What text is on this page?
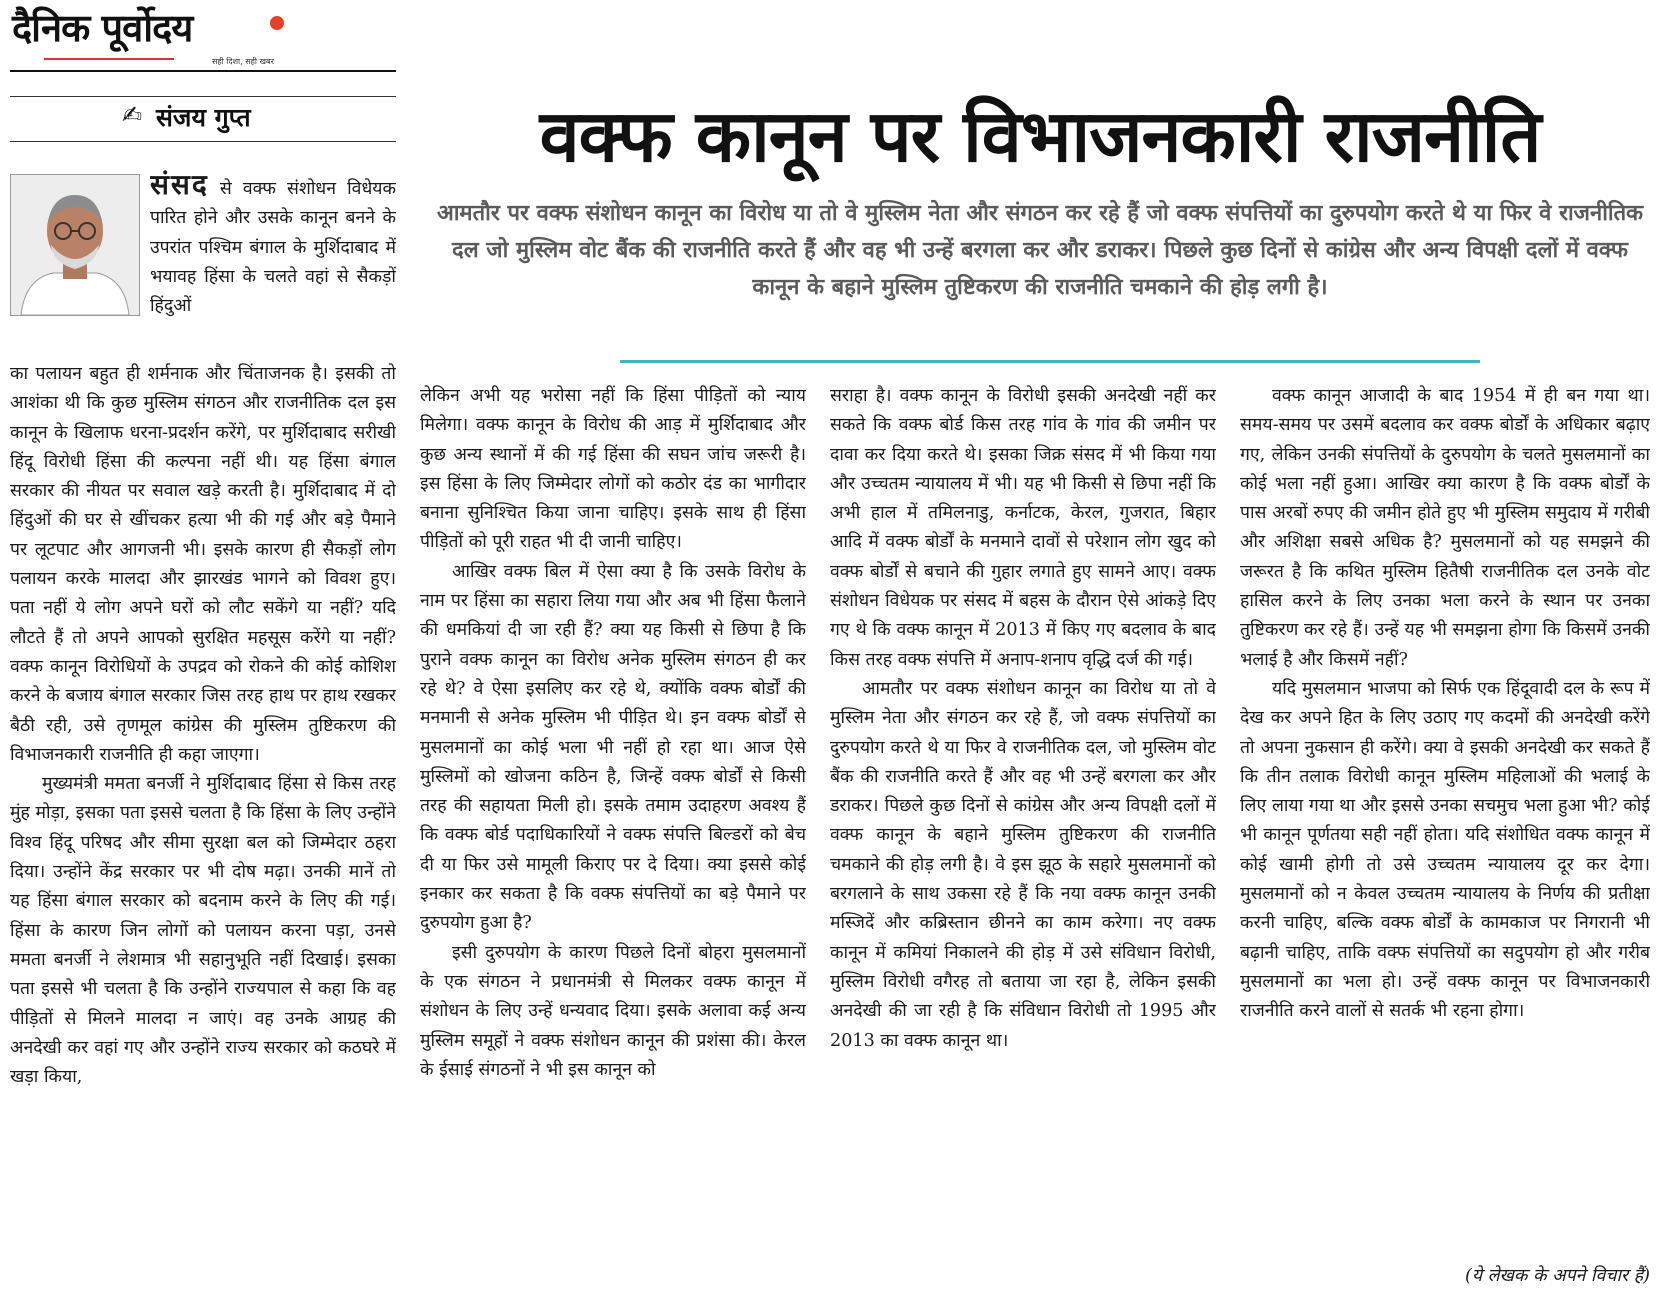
दैनिक पूर्वोदय
सही दिशा, सही खबर
✍ संजय गुप्त
संसद से वक्फ संशोधन विधेयक पारित होने और उसके कानून बनने के उपरांत पश्चिम बंगाल के मुर्शिदाबाद में भयावह हिंसा के चलते वहां से सैकड़ों हिंदुओं
वक्फ कानून पर विभाजनकारी राजनीति
आमतौर पर वक्फ संशोधन कानून का विरोध या तो वे मुस्लिम नेता और संगठन कर रहे हैं जो वक्फ संपत्तियों का दुरुपयोग करते थे या फिर वे राजनीतिक दल जो मुस्लिम वोट बैंक की राजनीति करते हैं और वह भी उन्हें बरगला कर और डराकर। पिछले कुछ दिनों से कांग्रेस और अन्य विपक्षी दलों में वक्फ कानून के बहाने मुस्लिम तुष्टिकरण की राजनीति चमकाने की होड़ लगी है।

का पलायन बहुत ही शर्मनाक और चिंताजनक है। इसकी तो आशंका थी कि कुछ मुस्लिम संगठन और राजनीतिक दल इस कानून के खिलाफ धरना-प्रदर्शन करेंगे, पर मुर्शिदाबाद सरीखी हिंदू विरोधी हिंसा की कल्पना नहीं थी। यह हिंसा बंगाल सरकार की नीयत पर सवाल खड़े करती है। मुर्शिदाबाद में दो हिंदुओं की घर से खींचकर हत्या भी की गई और बड़े पैमाने पर लूटपाट और आगजनी भी। इसके कारण ही सैकड़ों लोग पलायन करके मालदा और झारखंड भागने को विवश हुए। पता नहीं ये लोग अपने घरों को लौट सकेंगे या नहीं? यदि लौटते हैं तो अपने आपको सुरक्षित महसूस करेंगे या नहीं? वक्फ कानून विरोधियों के उपद्रव को रोकने की कोई कोशिश करने के बजाय बंगाल सरकार जिस तरह हाथ पर हाथ रखकर बैठी रही, उसे तृणमूल कांग्रेस की मुस्लिम तुष्टिकरण की विभाजनकारी राजनीति ही कहा जाएगा।

मुख्यमंत्री ममता बनर्जी ने मुर्शिदाबाद हिंसा से किस तरह मुंह मोड़ा, इसका पता इससे चलता है कि हिंसा के लिए उन्होंने विश्व हिंदू परिषद और सीमा सुरक्षा बल को जिम्मेदार ठहरा दिया। उन्होंने केंद्र सरकार पर भी दोष मढ़ा। उनकी मानें तो यह हिंसा बंगाल सरकार को बदनाम करने के लिए की गई। हिंसा के कारण जिन लोगों को पलायन करना पड़ा, उनसे ममता बनर्जी ने लेशमात्र भी सहानुभूति नहीं दिखाई। इसका पता इससे भी चलता है कि उन्होंने राज्यपाल से कहा कि वह पीड़ितों से मिलने मालदा न जाएं। वह उनके आग्रह की अनदेखी कर वहां गए और उन्होंने राज्य सरकार को कठघरे में खड़ा किया,

लेकिन अभी यह भरोसा नहीं कि हिंसा पीड़ितों को न्याय मिलेगा। वक्फ कानून के विरोध की आड़ में मुर्शिदाबाद और कुछ अन्य स्थानों में की गई हिंसा की सघन जांच जरूरी है। इस हिंसा के लिए जिम्मेदार लोगों को कठोर दंड का भागीदार बनाना सुनिश्चित किया जाना चाहिए। इसके साथ ही हिंसा पीड़ितों को पूरी राहत भी दी जानी चाहिए।

आखिर वक्फ बिल में ऐसा क्या है कि उसके विरोध के नाम पर हिंसा का सहारा लिया गया और अब भी हिंसा फैलाने की धमकियां दी जा रही हैं? क्या यह किसी से छिपा है कि पुराने वक्फ कानून का विरोध अनेक मुस्लिम संगठन ही कर रहे थे? वे ऐसा इसलिए कर रहे थे, क्योंकि वक्फ बोर्डों की मनमानी से अनेक मुस्लिम भी पीड़ित थे। इन वक्फ बोर्डों से मुसलमानों का कोई भला भी नहीं हो रहा था। आज ऐसे मुस्लिमों को खोजना कठिन है, जिन्हें वक्फ बोर्डों से किसी तरह की सहायता मिली हो। इसके तमाम उदाहरण अवश्य हैं कि वक्फ बोर्ड पदाधिकारियों ने वक्फ संपत्ति बिल्डरों को बेच दी या फिर उसे मामूली किराए पर दे दिया। क्या इससे कोई इनकार कर सकता है कि वक्फ संपत्तियों का बड़े पैमाने पर दुरुपयोग हुआ है?

इसी दुरुपयोग के कारण पिछले दिनों बोहरा मुसलमानों के एक संगठन ने प्रधानमंत्री से मिलकर वक्फ कानून में संशोधन के लिए उन्हें धन्यवाद दिया। इसके अलावा कई अन्य मुस्लिम समूहों ने वक्फ संशोधन कानून की प्रशंसा की। केरल के ईसाई संगठनों ने भी इस कानून को

सराहा है। वक्फ कानून के विरोधी इसकी अनदेखी नहीं कर सकते कि वक्फ बोर्ड किस तरह गांव के गांव की जमीन पर दावा कर दिया करते थे। इसका जिक्र संसद में भी किया गया और उच्चतम न्यायालय में भी। यह भी किसी से छिपा नहीं कि अभी हाल में तमिलनाडु, कर्नाटक, केरल, गुजरात, बिहार आदि में वक्फ बोर्डों के मनमाने दावों से परेशान लोग खुद को वक्फ बोर्डों से बचाने की गुहार लगाते हुए सामने आए। वक्फ संशोधन विधेयक पर संसद में बहस के दौरान ऐसे आंकड़े दिए गए थे कि वक्फ कानून में 2013 में किए गए बदलाव के बाद किस तरह वक्फ संपत्ति में अनाप-शनाप वृद्धि दर्ज की गई।

आमतौर पर वक्फ संशोधन कानून का विरोध या तो वे मुस्लिम नेता और संगठन कर रहे हैं, जो वक्फ संपत्तियों का दुरुपयोग करते थे या फिर वे राजनीतिक दल, जो मुस्लिम वोट बैंक की राजनीति करते हैं और वह भी उन्हें बरगला कर और डराकर। पिछले कुछ दिनों से कांग्रेस और अन्य विपक्षी दलों में वक्फ कानून के बहाने मुस्लिम तुष्टिकरण की राजनीति चमकाने की होड़ लगी है। वे इस झूठ के सहारे मुसलमानों को बरगलाने के साथ उकसा रहे हैं कि नया वक्फ कानून उनकी मस्जिदें और कब्रिस्तान छीनने का काम करेगा। नए वक्फ कानून में कमियां निकालने की होड़ में उसे संविधान विरोधी, मुस्लिम विरोधी वगैरह तो बताया जा रहा है, लेकिन इसकी अनदेखी की जा रही है कि संविधान विरोधी तो 1995 और 2013 का वक्फ कानून था।

वक्फ कानून आजादी के बाद 1954 में ही बन गया था। समय-समय पर उसमें बदलाव कर वक्फ बोर्डों के अधिकार बढ़ाए गए, लेकिन उनकी संपत्तियों के दुरुपयोग के चलते मुसलमानों का कोई भला नहीं हुआ। आखिर क्या कारण है कि वक्फ बोर्डों के पास अरबों रुपए की जमीन होते हुए भी मुस्लिम समुदाय में गरीबी और अशिक्षा सबसे अधिक है? मुसलमानों को यह समझने की जरूरत है कि कथित मुस्लिम हितैषी राजनीतिक दल उनके वोट हासिल करने के लिए उनका भला करने के स्थान पर उनका तुष्टिकरण कर रहे हैं। उन्हें यह भी समझना होगा कि किसमें उनकी भलाई है और किसमें नहीं?

यदि मुसलमान भाजपा को सिर्फ एक हिंदूवादी दल के रूप में देख कर अपने हित के लिए उठाए गए कदमों की अनदेखी करेंगे तो अपना नुकसान ही करेंगे। क्या वे इसकी अनदेखी कर सकते हैं कि तीन तलाक विरोधी कानून मुस्लिम महिलाओं की भलाई के लिए लाया गया था और इससे उनका सचमुच भला हुआ भी? कोई भी कानून पूर्णतया सही नहीं होता। यदि संशोधित वक्फ कानून में कोई खामी होगी तो उसे उच्चतम न्यायालय दूर कर देगा। मुसलमानों को न केवल उच्चतम न्यायालय के निर्णय की प्रतीक्षा करनी चाहिए, बल्कि वक्फ बोर्डों के कामकाज पर निगरानी भी बढ़ानी चाहिए, ताकि वक्फ संपत्तियों का सदुपयोग हो और गरीब मुसलमानों का भला हो। उन्हें वक्फ कानून पर विभाजनकारी राजनीति करने वालों से सतर्क भी रहना होगा।

(ये लेखक के अपने विचार हैं)
